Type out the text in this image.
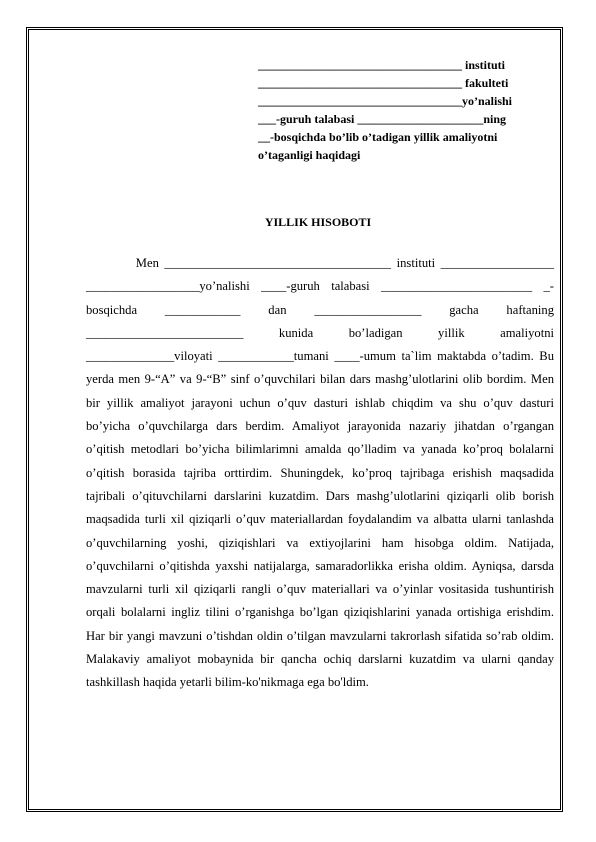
__________________________________ instituti
__________________________________ fakulteti
__________________________________yo’nalishi
___-guruh talabasi _____________________ning
__-bosqichda bo’lib o’tadigan yillik amaliyotni
o’taganligi haqidagi
YILLIK HISOBOTI

Men ____________________________________ instituti __________________ __________________yo’nalishi ____-guruh talabasi ________________________ _-bosqichda ____________ dan _________________ gacha haftaning _________________________ kunida bo’ladigan yillik amaliyotni ______________viloyati ____________tumani ____-umum ta`lim maktabda o’tadim. Bu yerda men 9-“A” va 9-“B” sinf o’quvchilari bilan dars mashg’ulotlarini olib bordim. Men bir yillik amaliyot jarayoni uchun o’quv dasturi ishlab chiqdim va shu o’quv dasturi bo’yicha o’quvchilarga dars berdim. Amaliyot jarayonida nazariy jihatdan o’rgangan o’qitish metodlari bo’yicha bilimlarimni amalda qo’lladim va yanada ko’proq bolalarni o’qitish borasida tajriba orttirdim. Shuningdek, ko’proq tajribaga erishish maqsadida tajribali o’qituvchilarni darslarini kuzatdim. Dars mashg’ulotlarini qiziqarli olib borish maqsadida turli xil qiziqarli o’quv materiallardan foydalandim va albatta ularni tanlashda o’quvchilarning yoshi, qiziqishlari va extiyojlarini ham hisobga oldim. Natijada, o’quvchilarni o’qitishda yaxshi natijalarga, samaradorlikka erisha oldim. Ayniqsa, darsda mavzularni turli xil qiziqarli rangli o’quv materiallari va o’yinlar vositasida tushuntirish orqali bolalarni ingliz tilini o’rganishga bo’lgan qiziqishlarini yanada ortishiga erishdim. Har bir yangi mavzuni o’tishdan oldin o’tilgan mavzularni takrorlash sifatida so’rab oldim. Malakaviy amaliyot mobaynida bir qancha ochiq darslarni kuzatdim va ularni qanday tashkillash haqida yetarli bilim-ko'nikmaga ega bo'ldim.
